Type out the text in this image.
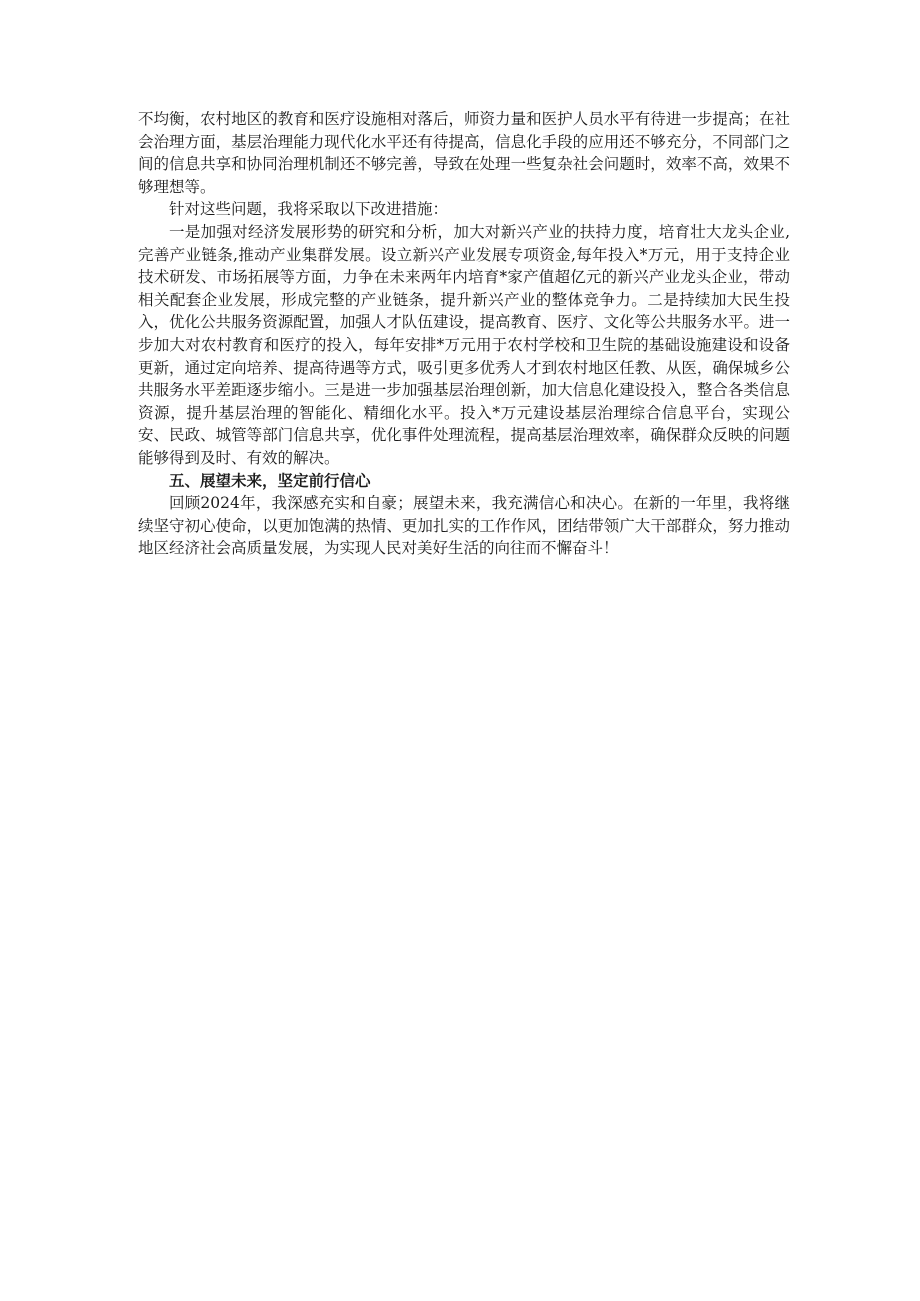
不均衡，农村地区的教育和医疗设施相对落后，师资力量和医护人员水平有待进一步提高；在社会治理方面，基层治理能力现代化水平还有待提高，信息化手段的应用还不够充分，不同部门之间的信息共享和协同治理机制还不够完善，导致在处理一些复杂社会问题时，效率不高，效果不够理想等。

针对这些问题，我将采取以下改进措施：

一是加强对经济发展形势的研究和分析，加大对新兴产业的扶持力度，培育壮大龙头企业,完善产业链条,推动产业集群发展。设立新兴产业发展专项资金,每年投入*万元，用于支持企业技术研发、市场拓展等方面，力争在未来两年内培育*家产值超亿元的新兴产业龙头企业，带动相关配套企业发展，形成完整的产业链条，提升新兴产业的整体竞争力。二是持续加大民生投入，优化公共服务资源配置，加强人才队伍建设，提高教育、医疗、文化等公共服务水平。进一步加大对农村教育和医疗的投入，每年安排*万元用于农村学校和卫生院的基础设施建设和设备更新，通过定向培养、提高待遇等方式，吸引更多优秀人才到农村地区任教、从医，确保城乡公共服务水平差距逐步缩小。三是进一步加强基层治理创新，加大信息化建设投入，整合各类信息资源，提升基层治理的智能化、精细化水平。投入*万元建设基层治理综合信息平台，实现公安、民政、城管等部门信息共享，优化事件处理流程，提高基层治理效率，确保群众反映的问题能够得到及时、有效的解决。

五、展望未来，坚定前行信心

回顾2024年，我深感充实和自豪；展望未来，我充满信心和决心。在新的一年里，我将继续坚守初心使命，以更加饱满的热情、更加扎实的工作作风，团结带领广大干部群众，努力推动地区经济社会高质量发展，为实现人民对美好生活的向往而不懈奋斗！
